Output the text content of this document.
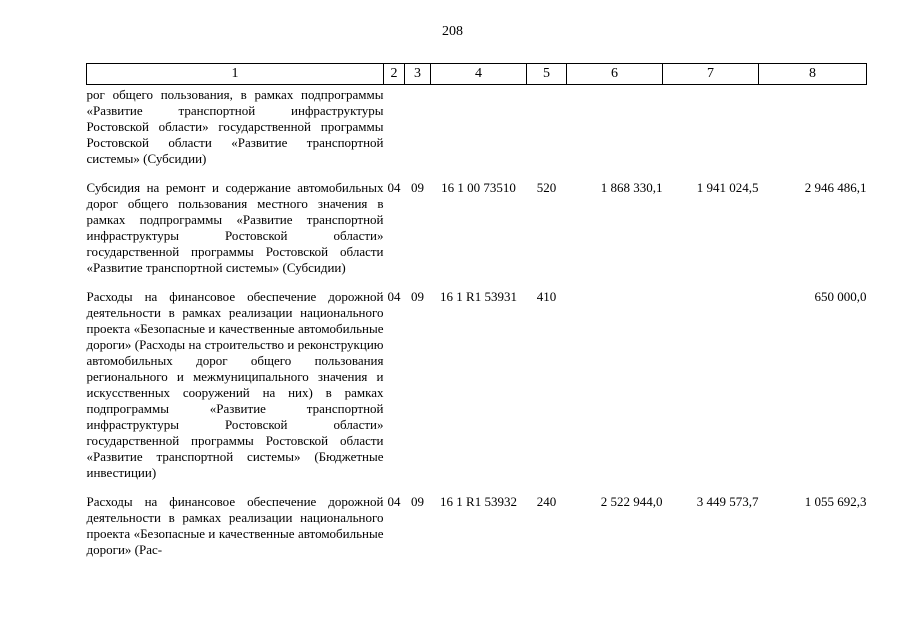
208
1	2	3	4	5	6	7	8
рог общего пользования, в рамках подпрограммы «Развитие транспортной инфраструктуры Ростовской области» государственной программы Ростовской области «Развитие транспортной системы» (Субсидии)							
Субсидия на ремонт и содержание автомобильных дорог общего пользования местного значения в рамках подпрограммы «Развитие транспортной инфраструктуры Ростовской области» государственной программы Ростовской области «Развитие транспортной системы» (Субсидии)	04	09	16 1 00 73510	520	1 868 330,1	1 941 024,5	2 946 486,1
Расходы на финансовое обеспечение дорожной деятельности в рамках реализации национального проекта «Безопасные и качественные автомобильные дороги» (Расходы на строительство и реконструкцию автомобильных дорог общего пользования регионального и межмуниципального значения и искусственных сооружений на них) в рамках подпрограммы «Развитие транспортной инфраструктуры Ростовской области» государственной программы Ростовской области «Развитие транспортной системы» (Бюджетные инвестиции)	04	09	16 1 R1 53931	410			650 000,0
Расходы на финансовое обеспечение дорожной деятельности в рамках реализации национального проекта «Безопасные и качественные автомобильные дороги» (Рас-	04	09	16 1 R1 53932	240	2 522 944,0	3 449 573,7	1 055 692,3
